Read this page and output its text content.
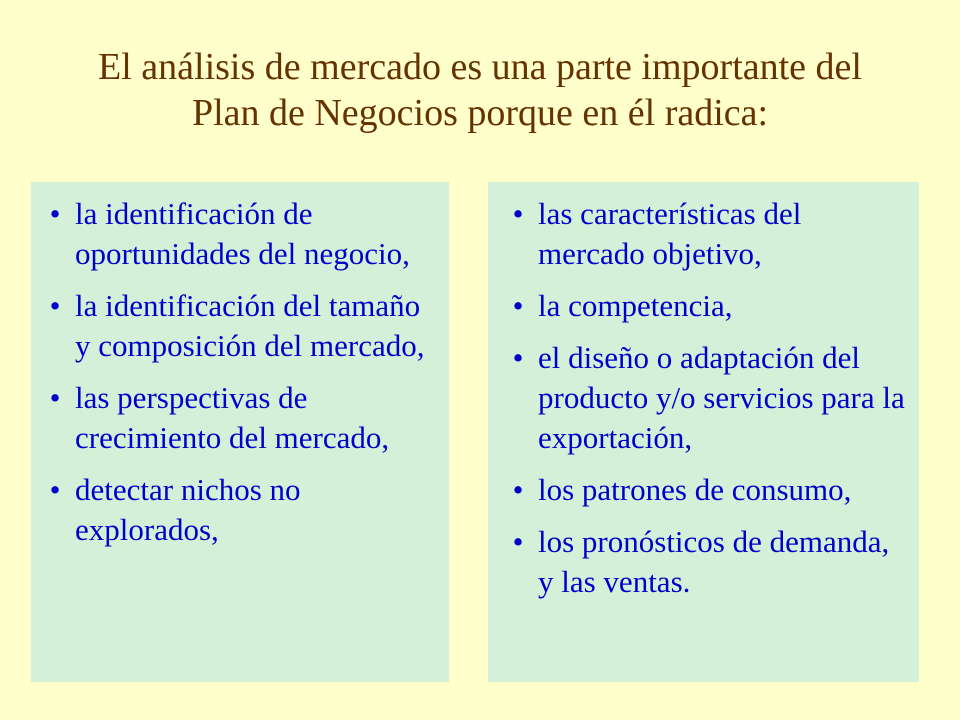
El análisis de mercado es una parte importante del
Plan de Negocios porque en él radica:
• la identificación de oportunidades del negocio,
• la identificación del tamaño y composición del mercado,
• las perspectivas de crecimiento del mercado,
• detectar nichos no explorados,
• las características del mercado objetivo,
• la competencia,
• el diseño o adaptación del producto y/o servicios para la exportación,
• los patrones de consumo,
• los pronósticos de demanda, y las ventas.
